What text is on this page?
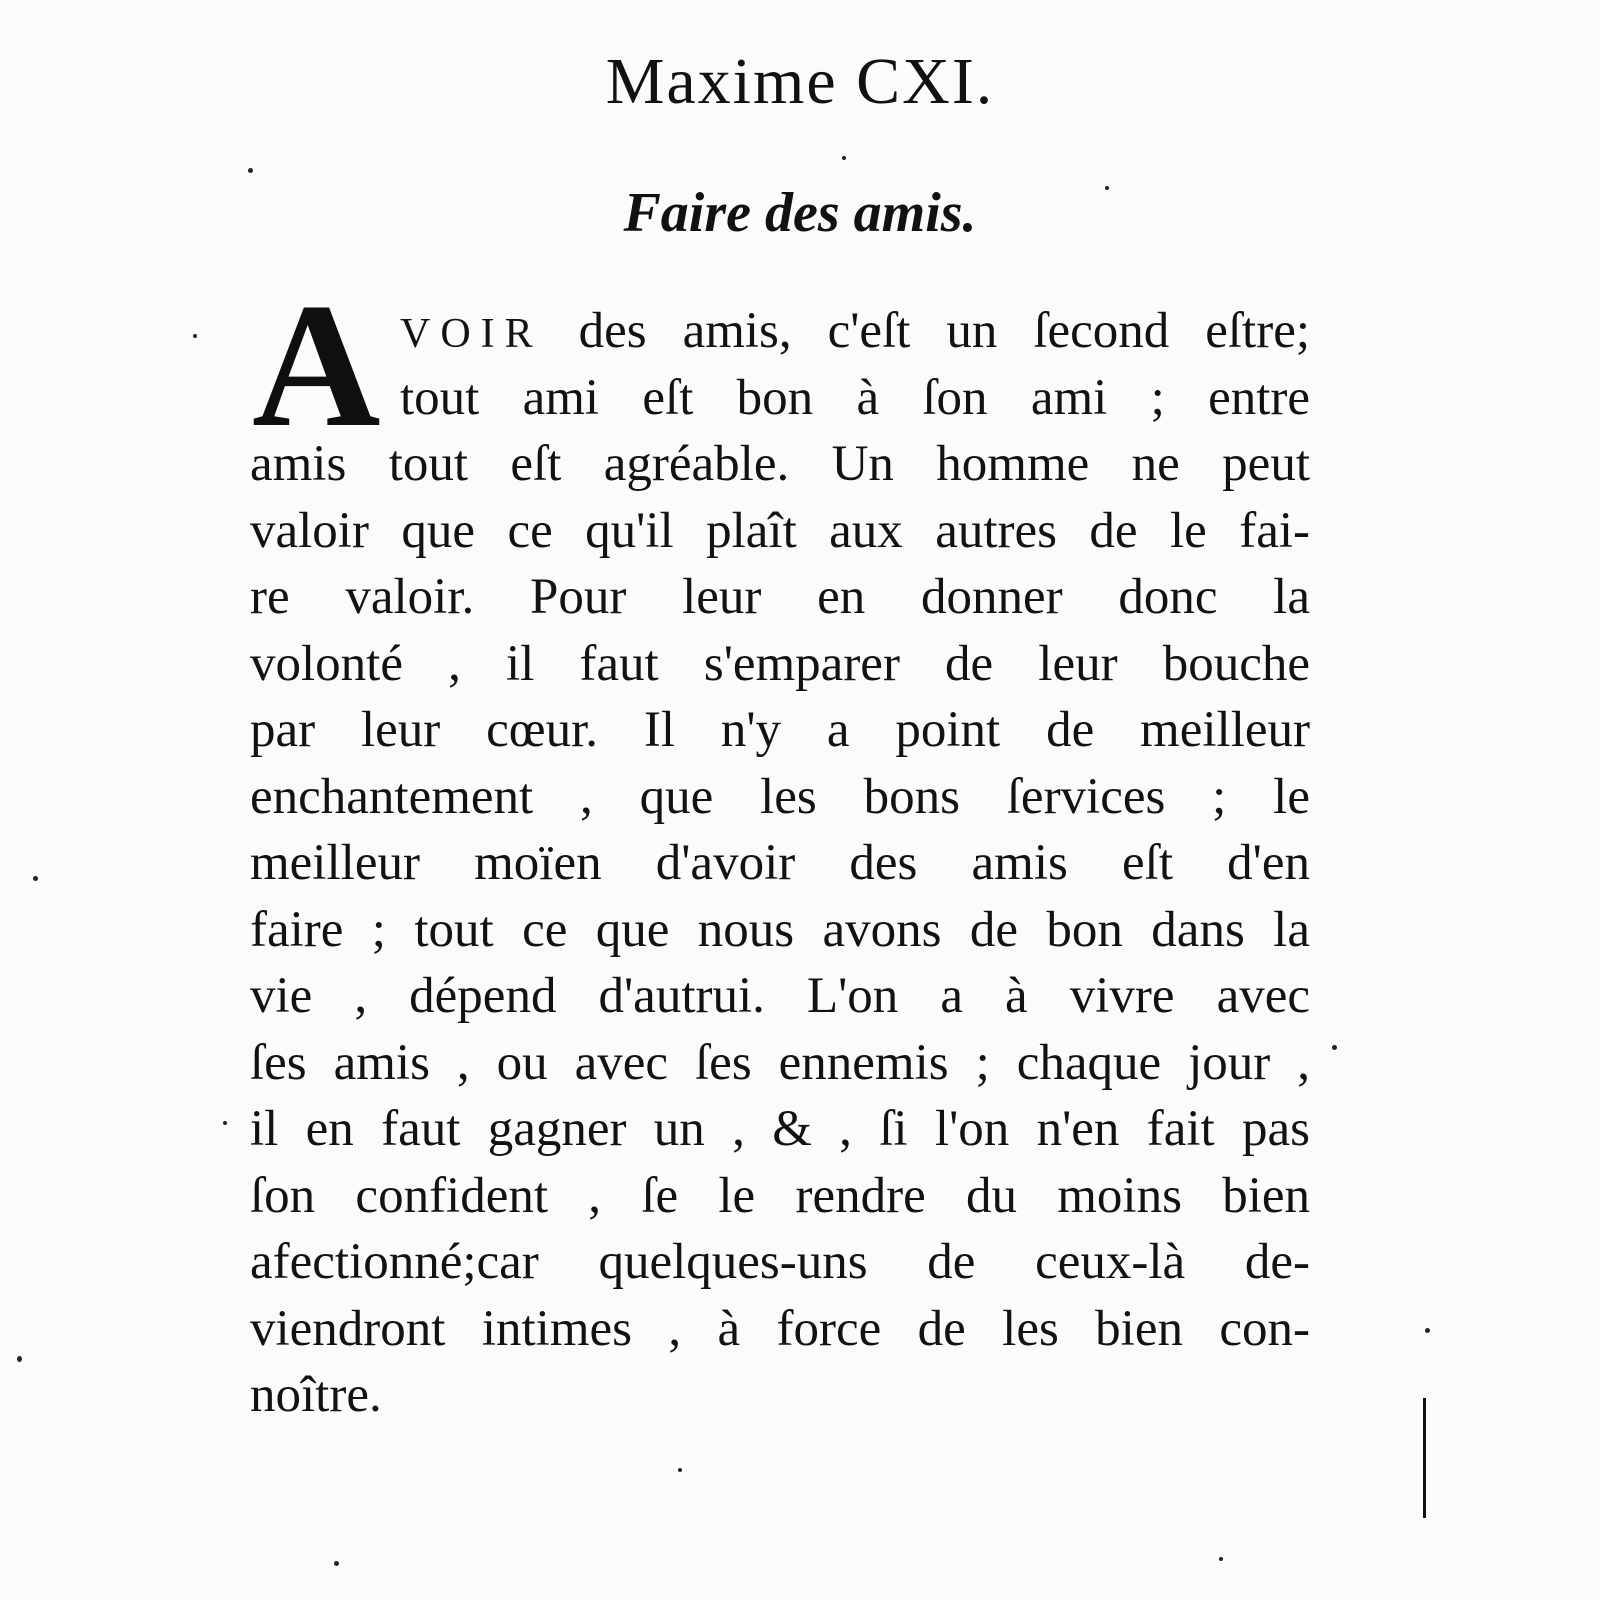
Maxime CXI.
Faire des amis.
A VOIR des amis, c'eſt un ſecond eſtre;
tout ami eſt bon à ſon ami ; entre
amis tout eſt agréable. Un homme ne peut
valoir que ce qu'il plaît aux autres de le fai-
re valoir. Pour leur en donner donc la
volonté , il faut s'emparer de leur bouche
par leur cœur. Il n'y a point de meilleur
enchantement , que les bons ſervices ; le
meilleur moïen d'avoir des amis eſt d'en
faire ; tout ce que nous avons de bon dans la
vie , dépend d'autrui. L'on a à vivre avec
ſes amis , ou avec ſes ennemis ; chaque jour ,
il en faut gagner un , & , ſi l'on n'en fait pas
ſon confident , ſe le rendre du moins bien
afectionné;car quelques-uns de ceux-là de-
viendront intimes , à force de les bien con-
noître.
